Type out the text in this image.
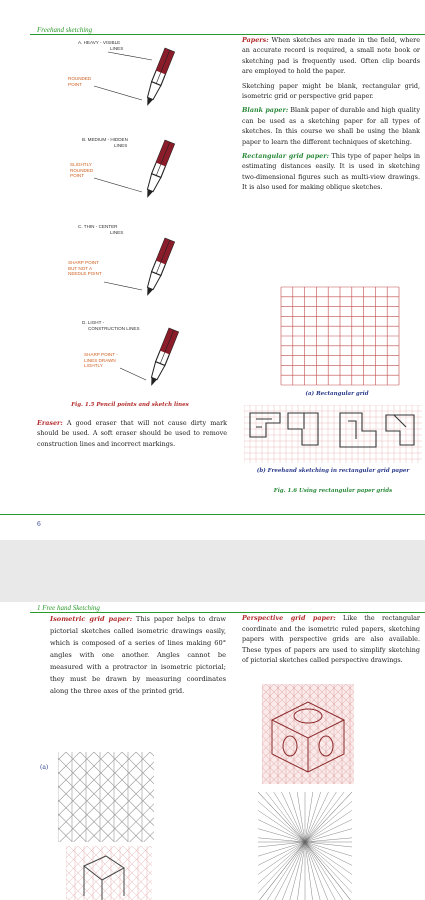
Freehand sketching
A. HEAVY - VISIBLE
LINES
ROUNDED
POINT
B. MEDIUM - HIDDEN
LINES
SLIGHTLY
ROUNDED
POINT
C. THIN - CENTER
LINES
SHARP POINT
BUT NOT A
NEEDLE POINT
D. LIGHT -
CONSTRUCTION LINES
SHARP POINT -
LINES DRAWN
LIGHTLY
Fig. 1.5 Pencil points and sketch lines
Eraser: A good eraser that will not cause dirty mark should be used. A soft eraser should be used to remove construction lines and incorrect markings.

Papers: When sketches are made in the field, where an accurate record is required, a small note book or sketching pad is frequently used. Often clip boards are employed to hold the paper.

Sketching paper might be blank, rectangular grid, isometric grid or perspective grid paper.

Blank paper: Blank paper of durable and high quality can be used as a sketching paper for all types of sketches. In this course we shall be using the blank paper to learn the different techniques of sketching.

Rectangular grid paper: This type of paper helps in estimating distances easily. It is used in sketching two-dimensional figures such as multi-view drawings. It is also used for making oblique sketches.

(a) Rectangular grid
(b) Freehand sketching in rectangular grid paper
Fig. 1.6 Using rectangular paper grids
6
1 Free hand Sketching
Isometric grid paper: This paper helps to draw pictorial sketches called isometric drawings easily, which is composed of a series of lines making 60° angles with one another. Angles cannot be measured with a protractor in isometric pictorial; they must be drawn by measuring coordinates along the three axes of the printed grid.
Perspective grid paper: Like the rectangular coordinate and the isometric ruled papers, sketching papers with perspective grids are also available. These types of papers are used to simplify sketching of pictorial sketches called perspective drawings.
(a)
